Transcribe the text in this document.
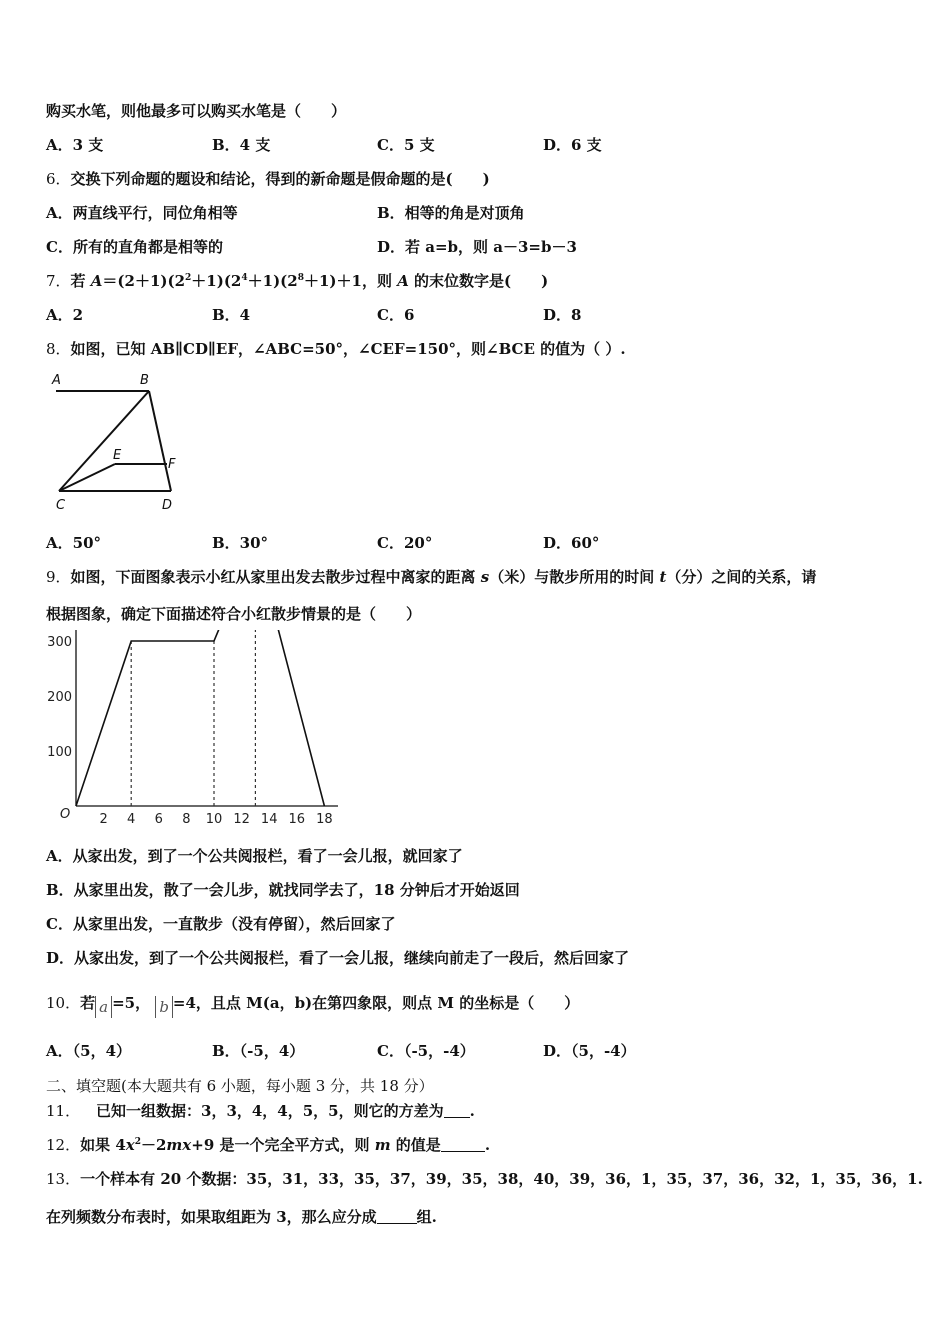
购买水笔，则他最多可以购买水笔是（　　）
A．3 支	B．4 支	C．5 支	D．6 支
6．交换下列命题的题设和结论，得到的新命题是假命题的是(　　)
A．两直线平行，同位角相等	B．相等的角是对顶角
C．所有的直角都是相等的	D．若 a=b，则 a－3=b－3
7．若 $A=(2+1)(2^2+1)(2^4+1)(2^8+1)+1$，则 A 的末位数字是(　　)
A．2	B．4	C．6	D．8
8．如图，已知 AB∥CD∥EF，∠ABC=50°，∠CEF=150°，则∠BCE 的值为（ ）.
A	B
E
F
C	D
A．50°	B．30°	C．20°	D．60°
9．如图，下面图象表示小红从家里出发去散步过程中离家的距离 s（米）与散步所用的时间 t（分）之间的关系，请
根据图象，确定下面描述符合小红散步情景的是（　　）
O 2 4 6 8 10 12 14 16 18
100
200
300
A．从家出发，到了一个公共阅报栏，看了一会儿报，就回家了
B．从家里出发，散了一会儿步，就找同学去了，18 分钟后才开始返回
C．从家里出发，一直散步（没有停留），然后回家了
D．从家出发，到了一个公共阅报栏，看了一会儿报，继续向前走了一段后，然后回家了
10．若 a =5， b =4，且点 M(a，b)在第四象限，则点 M 的坐标是（　　）
A．（5，4）	B．（-5，4）	C．（-5，-4）	D．（5，-4）
二、填空题(本大题共有 6 小题，每小题 3 分，共 18 分）
11． 已知一组数据：3，3，4，4，5，5，则它的方差为 .
12．如果 $4x^2-2mx+9$ 是一个完全平方式，则 m 的值是	.
13．一个样本有 20 个数据：35，31，33，35，37，39，35，38，40，39，36，1，35，37，36，32，1，35，36，1.
在列频数分布表时，如果取组距为 3，那么应分成	组.
